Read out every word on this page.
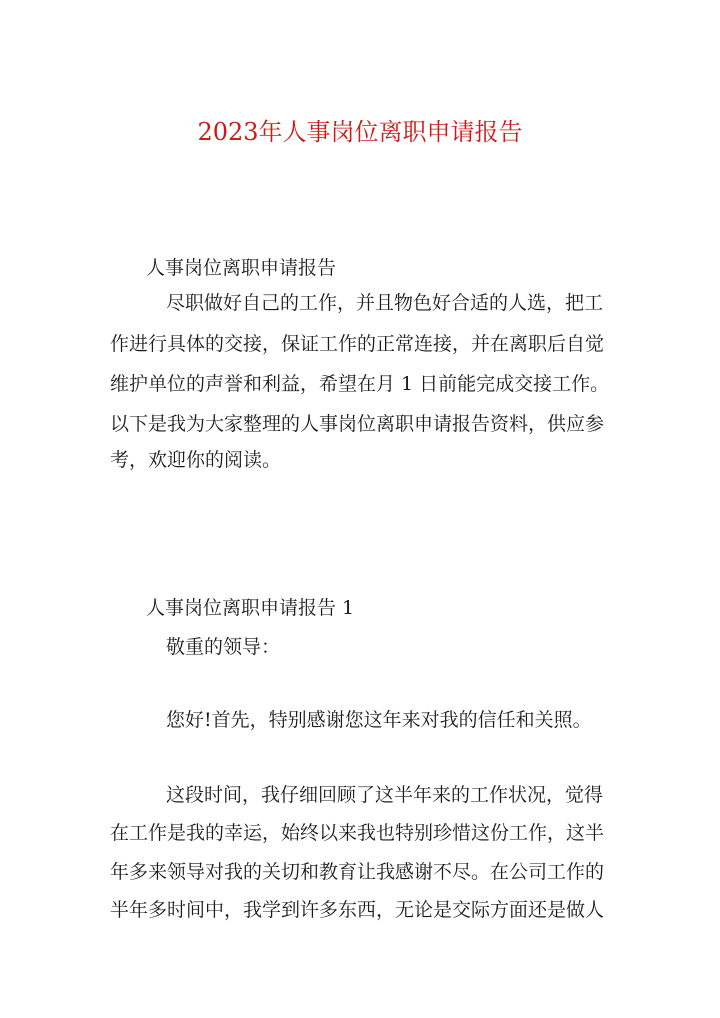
2023年人事岗位离职申请报告

人事岗位离职申请报告

尽职做好自己的工作，并且物色好合适的人选，把工

作进行具体的交接，保证工作的正常连接，并在离职后自觉

维护单位的声誉和利益，希望在月 1 日前能完成交接工作。

以下是我为大家整理的人事岗位离职申请报告资料，供应参

考，欢迎你的阅读。

人事岗位离职申请报告 1

敬重的领导：

您好!首先，特别感谢您这年来对我的信任和关照。

这段时间，我仔细回顾了这半年来的工作状况，觉得

在工作是我的幸运，始终以来我也特别珍惜这份工作，这半

年多来领导对我的关切和教育让我感谢不尽。在公司工作的

半年多时间中，我学到许多东西，无论是交际方面还是做人
